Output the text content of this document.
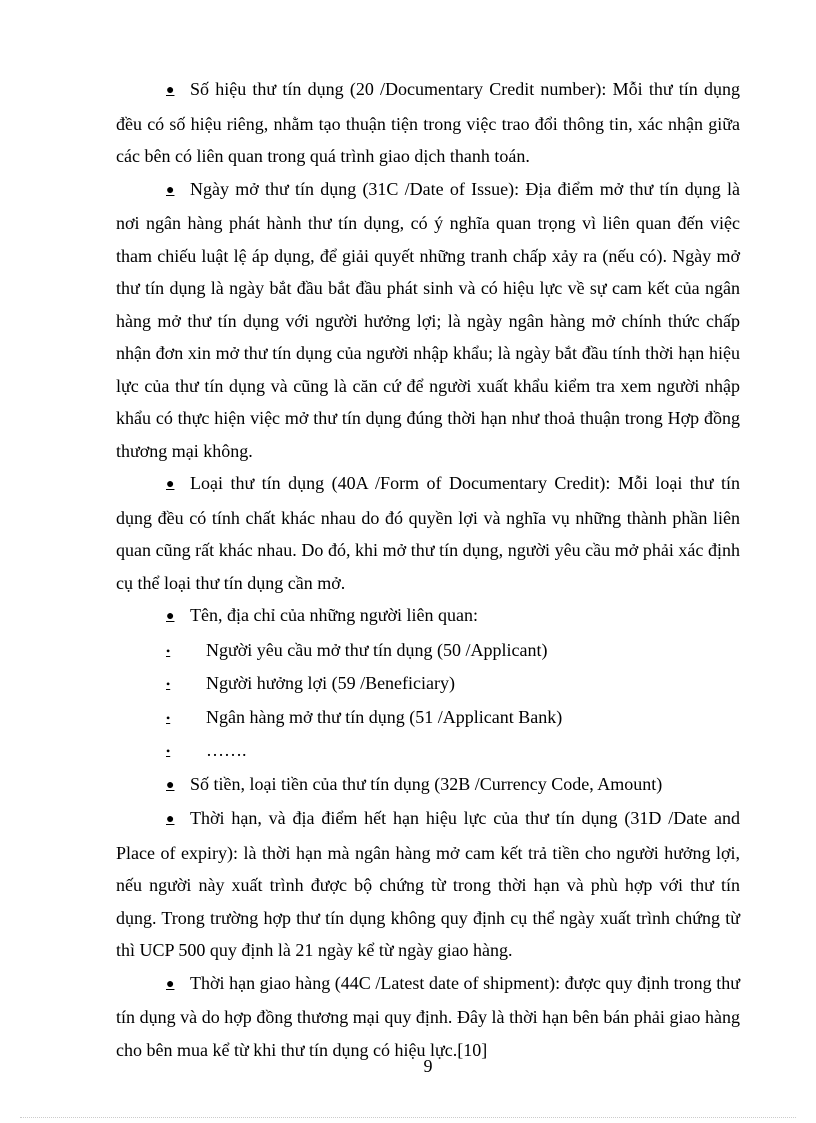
● Số hiệu thư tín dụng (20 /Documentary Credit number): Mỗi thư tín dụng đều có số hiệu riêng, nhằm tạo thuận tiện trong việc trao đổi thông tin, xác nhận giữa các bên có liên quan trong quá trình giao dịch thanh toán.

● Ngày mở thư tín dụng (31C /Date of Issue): Địa điểm mở thư tín dụng là nơi ngân hàng phát hành thư tín dụng, có ý nghĩa quan trọng vì liên quan đến việc tham chiếu luật lệ áp dụng, để giải quyết những tranh chấp xảy ra (nếu có). Ngày mở thư tín dụng là ngày bắt đầu bắt đầu phát sinh và có hiệu lực về sự cam kết của ngân hàng mở thư tín dụng với người hưởng lợi; là ngày ngân hàng mở chính thức chấp nhận đơn xin mở thư tín dụng của người nhập khẩu; là ngày bắt đầu tính thời hạn hiệu lực của thư tín dụng và cũng là căn cứ để người xuất khẩu kiểm tra xem người nhập khẩu có thực hiện việc mở thư tín dụng đúng thời hạn như thoả thuận trong Hợp đồng thương mại không.

● Loại thư tín dụng (40A /Form of Documentary Credit): Mỗi loại thư tín dụng đều có tính chất khác nhau do đó quyền lợi và nghĩa vụ những thành phần liên quan cũng rất khác nhau. Do đó, khi mở thư tín dụng, người yêu cầu mở phải xác định cụ thể loại thư tín dụng cần mở.

● Tên, địa chỉ của những người liên quan:

• Người yêu cầu mở thư tín dụng (50 /Applicant)

• Người hưởng lợi (59 /Beneficiary)

• Ngân hàng mở thư tín dụng (51 /Applicant Bank)

• …….

● Số tiền, loại tiền của thư tín dụng (32B /Currency Code, Amount)

● Thời hạn, và địa điểm hết hạn hiệu lực của thư tín dụng (31D /Date and Place of expiry): là thời hạn mà ngân hàng mở cam kết trả tiền cho người hưởng lợi, nếu người này xuất trình được bộ chứng từ trong thời hạn và phù hợp với thư tín dụng. Trong trường hợp thư tín dụng không quy định cụ thể ngày xuất trình chứng từ thì UCP 500 quy định là 21 ngày kể từ ngày giao hàng.

● Thời hạn giao hàng (44C /Latest date of shipment): được quy định trong thư tín dụng và do hợp đồng thương mại quy định. Đây là thời hạn bên bán phải giao hàng cho bên mua kể từ khi thư tín dụng có hiệu lực.[10]

9
